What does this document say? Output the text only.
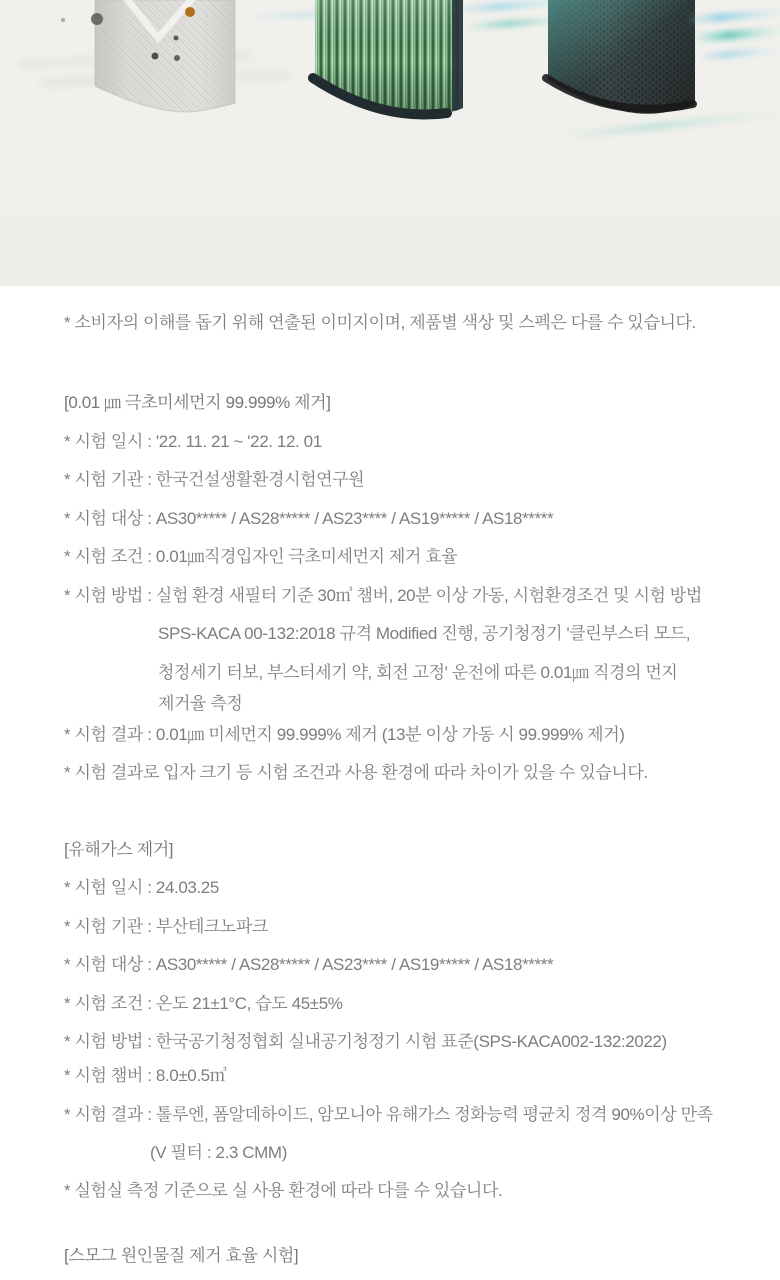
* 소비자의 이해를 돕기 위해 연출된 이미지이며, 제품별 색상 및 스펙은 다를 수 있습니다.
[0.01 ㎛ 극초미세먼지 99.999% 제거]
* 시험 일시 : '22. 11. 21 ~ '22. 12. 01
* 시험 기관 : 한국건설생활환경시험연구원
* 시험 대상 : AS30***** / AS28***** / AS23**** / AS19***** / AS18*****
* 시험 조건 : 0.01㎛직경입자인 극초미세먼지 제거 효율
* 시험 방법 : 실험 환경 새필터 기준 30㎥ 챔버, 20분 이상 가동, 시험환경조건 및 시험 방법
SPS-KACA 00-132:2018 규격 Modified 진행, 공기청정기 '클린부스터 모드,
청정세기 터보, 부스터세기 약, 회전 고정' 운전에 따른 0.01㎛ 직경의 먼지
제거율 측정
* 시험 결과 : 0.01㎛ 미세먼지 99.999% 제거 (13분 이상 가동 시 99.999% 제거)
* 시험 결과로 입자 크기 등 시험 조건과 사용 환경에 따라 차이가 있을 수 있습니다.
[유해가스 제거]
* 시험 일시 : 24.03.25
* 시험 기관 : 부산테크노파크
* 시험 대상 : AS30***** / AS28***** / AS23**** / AS19***** / AS18*****
* 시험 조건 : 온도 21±1°C, 습도 45±5%
* 시험 방법 : 한국공기청정협회 실내공기청정기 시험 표준(SPS-KACA002-132:2022)
* 시험 챔버 : 8.0±0.5㎥
* 시험 결과 : 톨루엔, 폼알데하이드, 암모니아 유해가스 정화능력 평균치 정격 90%이상 만족
(V 필터 : 2.3 CMM)
* 실험실 측정 기준으로 실 사용 환경에 따라 다를 수 있습니다.
[스모그 원인물질 제거 효율 시험]
